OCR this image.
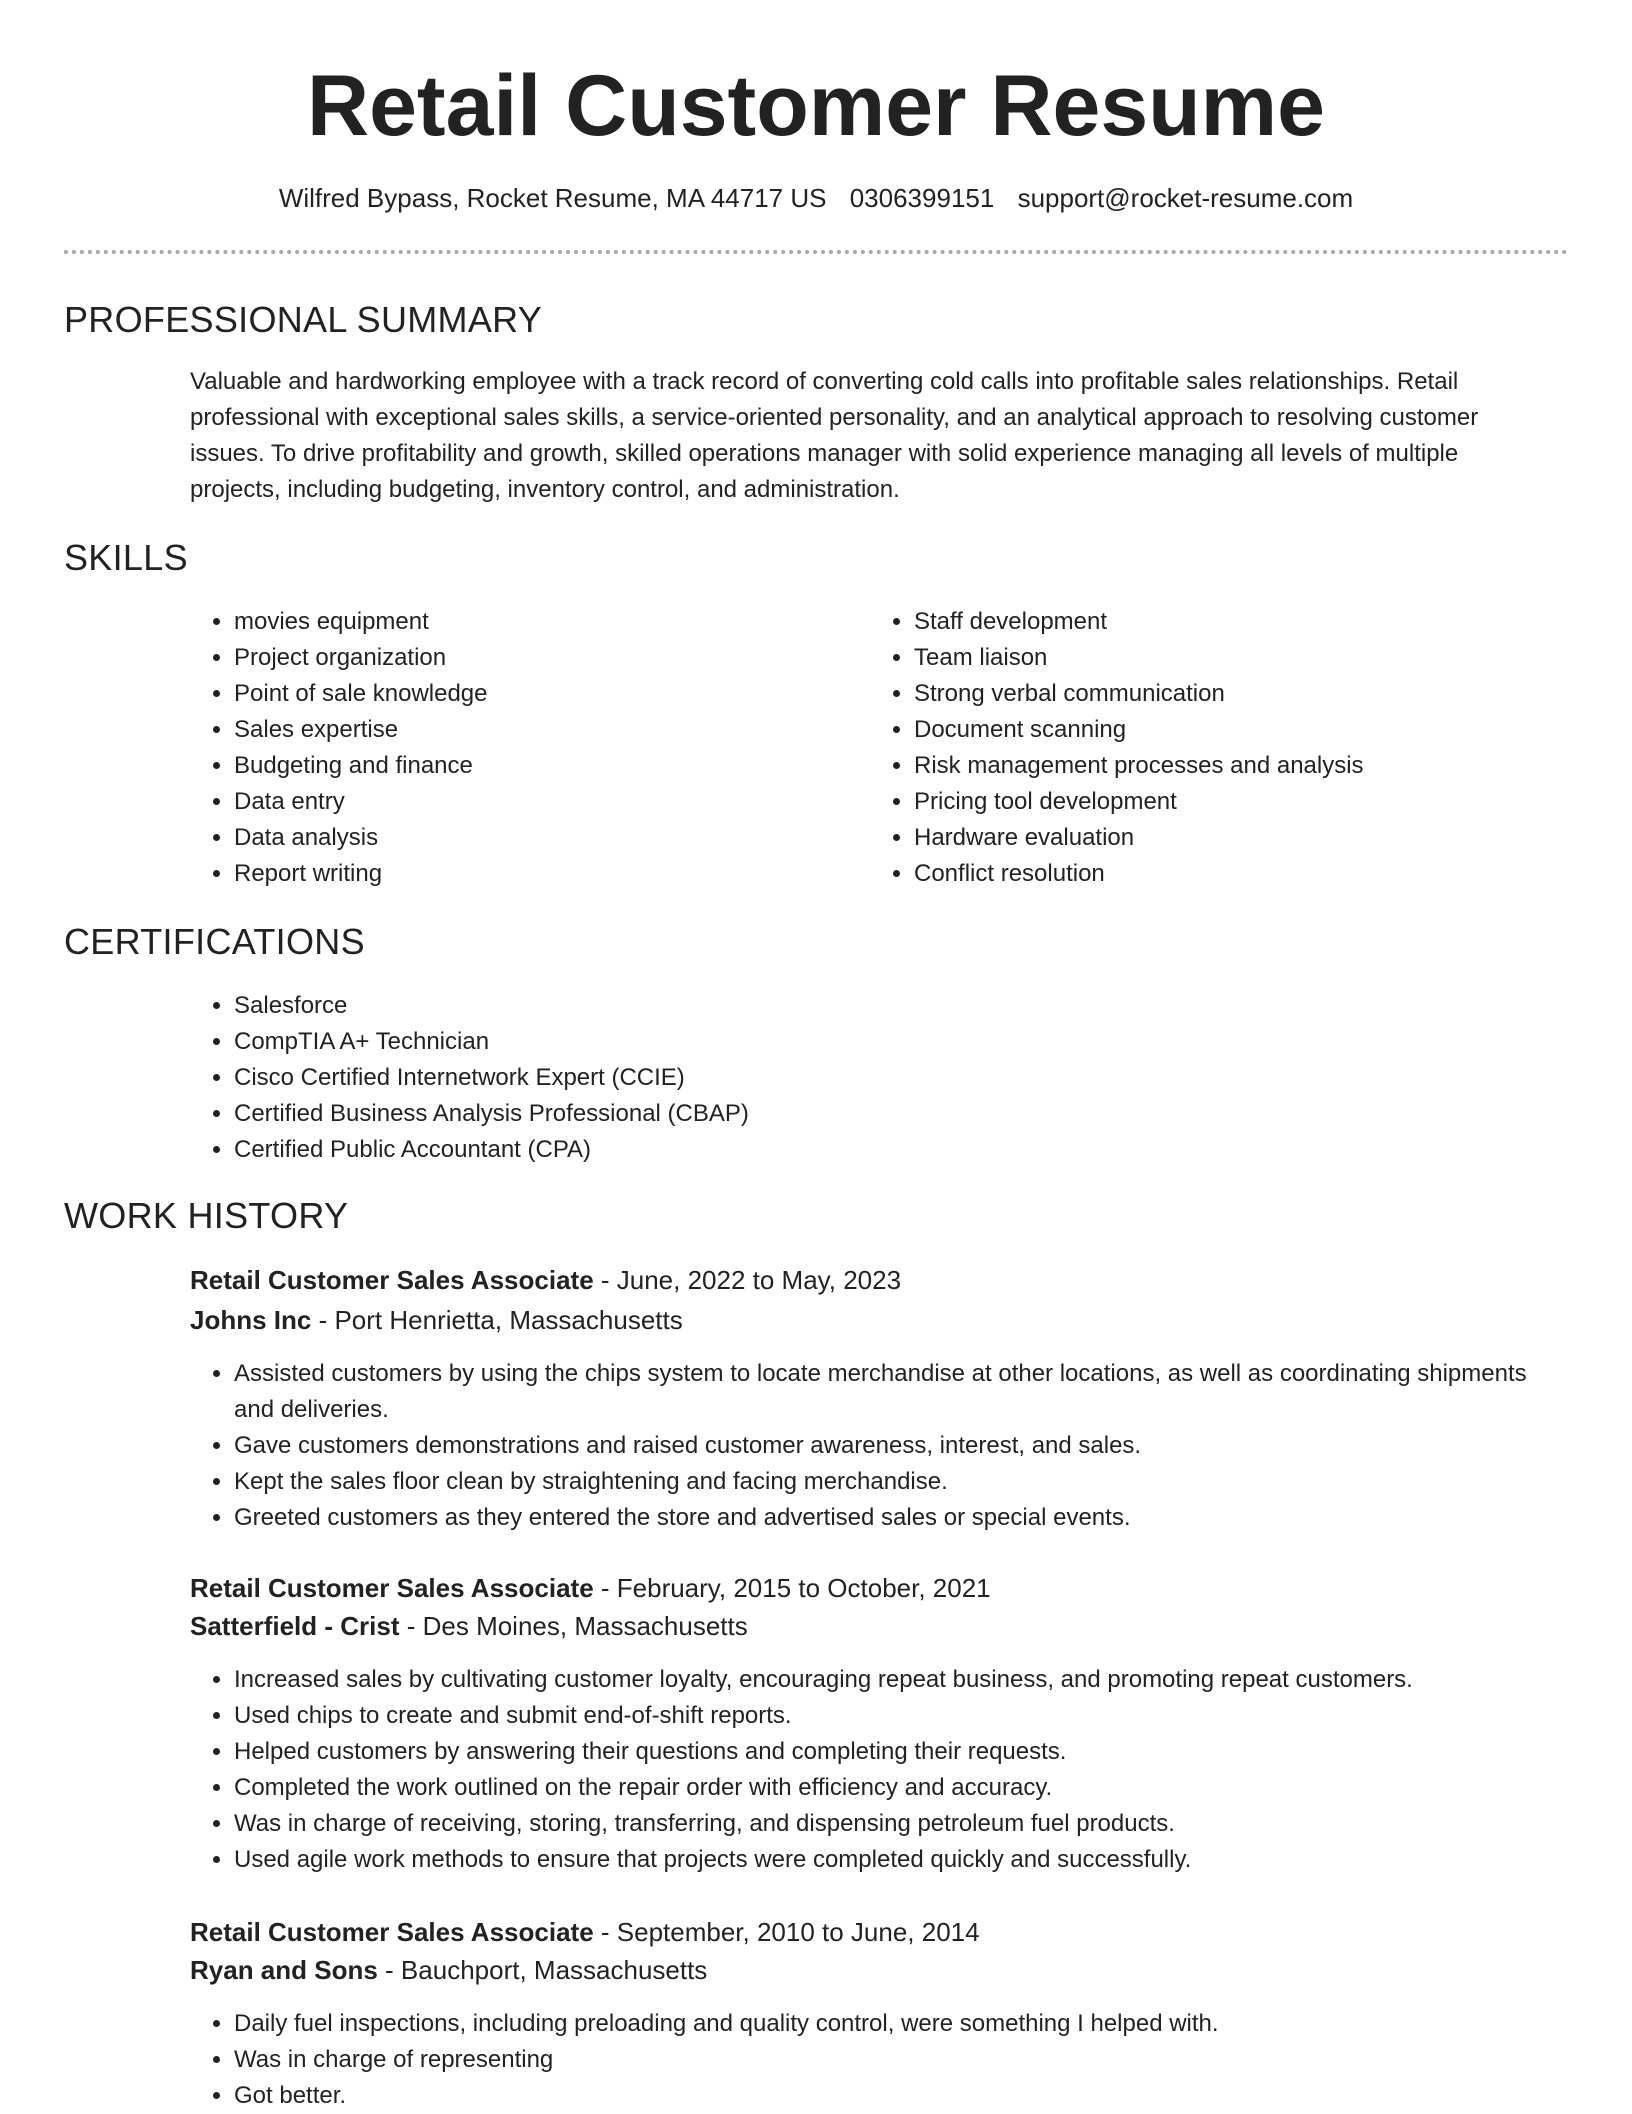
Retail Customer Resume
Wilfred Bypass, Rocket Resume, MA 44717 US 0306399151 support@rocket-resume.com
PROFESSIONAL SUMMARY

Valuable and hardworking employee with a track record of converting cold calls into profitable sales relationships. Retail professional with exceptional sales skills, a service-oriented personality, and an analytical approach to resolving customer issues. To drive profitability and growth, skilled operations manager with solid experience managing all levels of multiple projects, including budgeting, inventory control, and administration.

SKILLS
• movies equipment
• Project organization
• Point of sale knowledge
• Sales expertise
• Budgeting and finance
• Data entry
• Data analysis
• Report writing
• Staff development
• Team liaison
• Strong verbal communication
• Document scanning
• Risk management processes and analysis
• Pricing tool development
• Hardware evaluation
• Conflict resolution
CERTIFICATIONS
• Salesforce
• CompTIA A+ Technician
• Cisco Certified Internetwork Expert (CCIE)
• Certified Business Analysis Professional (CBAP)
• Certified Public Accountant (CPA)
WORK HISTORY
Retail Customer Sales Associate - June, 2022 to May, 2023
Johns Inc - Port Henrietta, Massachusetts
• Assisted customers by using the chips system to locate merchandise at other locations, as well as coordinating shipments and deliveries.
• Gave customers demonstrations and raised customer awareness, interest, and sales.
• Kept the sales floor clean by straightening and facing merchandise.
• Greeted customers as they entered the store and advertised sales or special events.
Retail Customer Sales Associate - February, 2015 to October, 2021
Satterfield - Crist - Des Moines, Massachusetts
• Increased sales by cultivating customer loyalty, encouraging repeat business, and promoting repeat customers.
• Used chips to create and submit end-of-shift reports.
• Helped customers by answering their questions and completing their requests.
• Completed the work outlined on the repair order with efficiency and accuracy.
• Was in charge of receiving, storing, transferring, and dispensing petroleum fuel products.
• Used agile work methods to ensure that projects were completed quickly and successfully.
Retail Customer Sales Associate - September, 2010 to June, 2014
Ryan and Sons - Bauchport, Massachusetts
• Daily fuel inspections, including preloading and quality control, were something I helped with.
• Was in charge of representing
• Got better.
